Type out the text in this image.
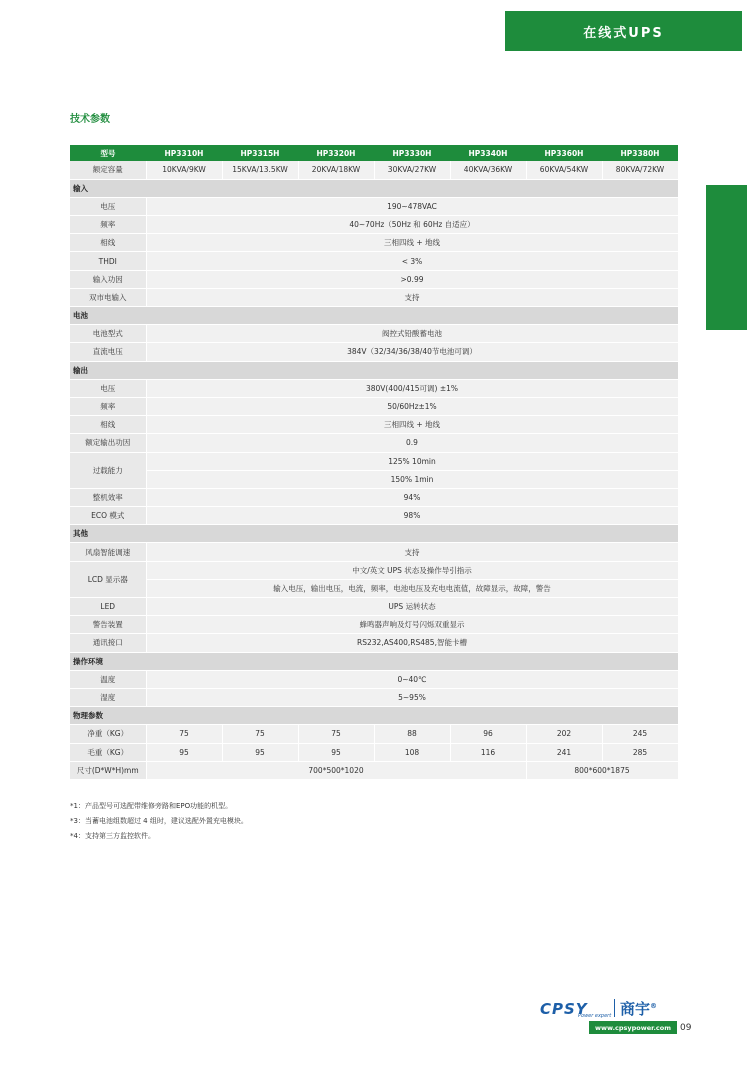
在线式UPS
技术参数
型号	HP3310H	HP3315H	HP3320H	HP3330H	HP3340H	HP3360H	HP3380H
额定容量	10KVA/9KW	15KVA/13.5KW	20KVA/18KW	30KVA/27KW	40KVA/36KW	60KVA/54KW	80KVA/72KW
输入							
电压	190~478VAC						
频率	40~70Hz（50Hz 和 60Hz 自适应）						
相线	三相四线 + 地线						
THDI	< 3%						
输入功因	>0.99						
双市电输入	支持						
电池							
电池型式	阀控式铅酸蓄电池						
直流电压	384V（32/34/36/38/40节电池可调）						
输出							
电压	380V(400/415可调) ±1%						
频率	50/60Hz±1%						
相线	三相四线 + 地线						
额定输出功因	0.9						
过载能力	125% 10min						
	150% 1min						
整机效率	94%						
ECO 模式	98%						
其他							
风扇智能调速	支持						
LCD 显示器	中文/英文 UPS 状态及操作导引指示						
	输入电压，输出电压，电流，频率，电池电压及充电电流值，故障显示，故障，警告						
LED	UPS 运转状态						
警告装置	蜂鸣器声响及灯号闪烁双重显示						
通讯接口	RS232,AS400,RS485,智能卡槽						
操作环境							
温度	0~40℃						
湿度	5~95%						
物理参数							
净重（KG）	75	75	75	88	96	202	245
毛重（KG）	95	95	95	108	116	241	285
尺寸(D*W*H)mm	700*500*1020					800*600*1875	
*1：产品型号可选配带维修旁路和EPO功能的机型。
*3：当蓄电池组数超过 4 组时，建议选配外置充电模块。
*4：支持第三方监控软件。
CPSY
Power expert 商宇®
www.cpsypower.com 09
